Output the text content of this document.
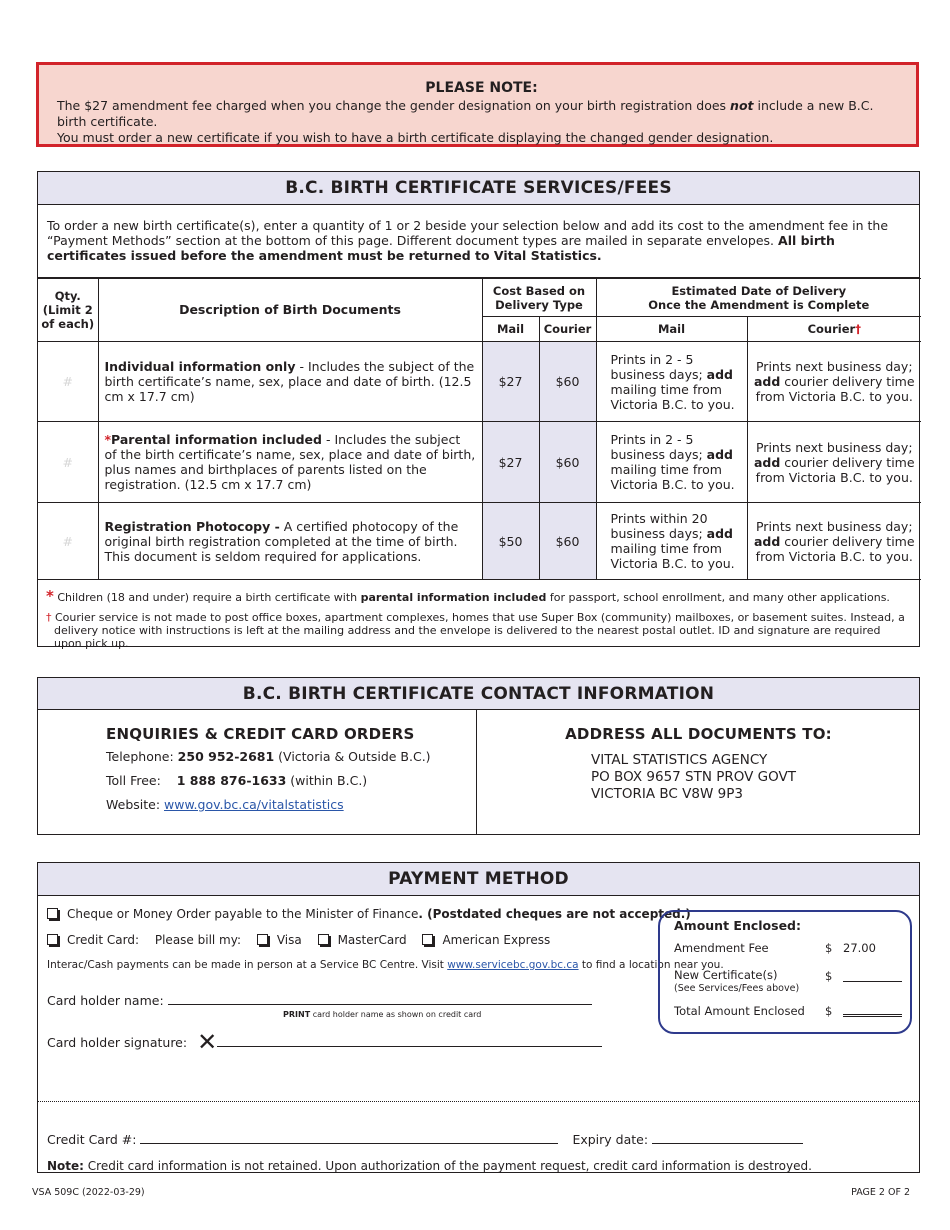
PLEASE NOTE:

The $27 amendment fee charged when you change the gender designation on your birth registration does not include a new B.C. birth certificate.

You must order a new certificate if you wish to have a birth certificate displaying the changed gender designation.

B.C. BIRTH CERTIFICATE SERVICES/FEES
To order a new birth certificate(s), enter a quantity of 1 or 2 beside your selection below and add its cost to the amendment fee in the “Payment Methods” section at the bottom of this page. Different document types are mailed in separate envelopes. All birth certificates issued before the amendment must be returned to Vital Statistics.
Qty. (Limit 2 of each)	Description of Birth Documents	Cost Based on Delivery Type		Estimated Date of Delivery
Once the Amendment is Complete	
		Mail	Courier	Mail	Courier†
#	Individual information only - Includes the subject of the birth certificate’s name, sex, place and date of birth. (12.5 cm x 17.7 cm)	$27	$60	Prints in 2 - 5 business days; add mailing time from Victoria B.C. to you.	Prints next business day; add courier delivery time from Victoria B.C. to you.
#	*Parental information included - Includes the subject of the birth certificate’s name, sex, place and date of birth, plus names and birthplaces of parents listed on the registration. (12.5 cm x 17.7 cm)	$27	$60	Prints in 2 - 5 business days; add mailing time from Victoria B.C. to you.	Prints next business day; add courier delivery time from Victoria B.C. to you.
#	Registration Photocopy - A certified photocopy of the original birth registration completed at the time of birth. This document is seldom required for applications.	$50	$60	Prints within 20 business days; add mailing time from Victoria B.C. to you.	Prints next business day; add courier delivery time from Victoria B.C. to you.
* Children (18 and under) require a birth certificate with parental information included for passport, school enrollment, and many other applications.
† Courier service is not made to post office boxes, apartment complexes, homes that use Super Box (community) mailboxes, or basement suites. Instead, a delivery notice with instructions is left at the mailing address and the envelope is delivered to the nearest postal outlet. ID and signature are required upon pick up.
B.C. BIRTH CERTIFICATE CONTACT INFORMATION
ENQUIRIES & CREDIT CARD ORDERS
Telephone: 250 952-2681 (Victoria & Outside B.C.)
Toll Free: 1 888 876-1633 (within B.C.)
Website: www.gov.bc.ca/vitalstatistics
ADDRESS ALL DOCUMENTS TO:
VITAL STATISTICS AGENCY
PO BOX 9657 STN PROV GOVT
VICTORIA BC V8W 9P3
PAYMENT METHOD
Cheque or Money Order payable to the Minister of Finance. (Postdated cheques are not accepted.)
Credit Card: Please bill my:	Visa	MasterCard	American Express
Interac/Cash payments can be made in person at a Service BC Centre. Visit www.servicebc.gov.bc.ca to find a location near you.
Card holder name:
PRINT card holder name as shown on credit card
Card holder signature: ✕
Amount Enclosed:
Amendment Fee	$ 27.00
New Certificate(s)
(See Services/Fees above)
$
Total Amount Enclosed $
Credit Card #:	Expiry date:
Note: Credit card information is not retained. Upon authorization of the payment request, credit card information is destroyed.
VSA 509C (2022-03-29)	PAGE 2 OF 2
